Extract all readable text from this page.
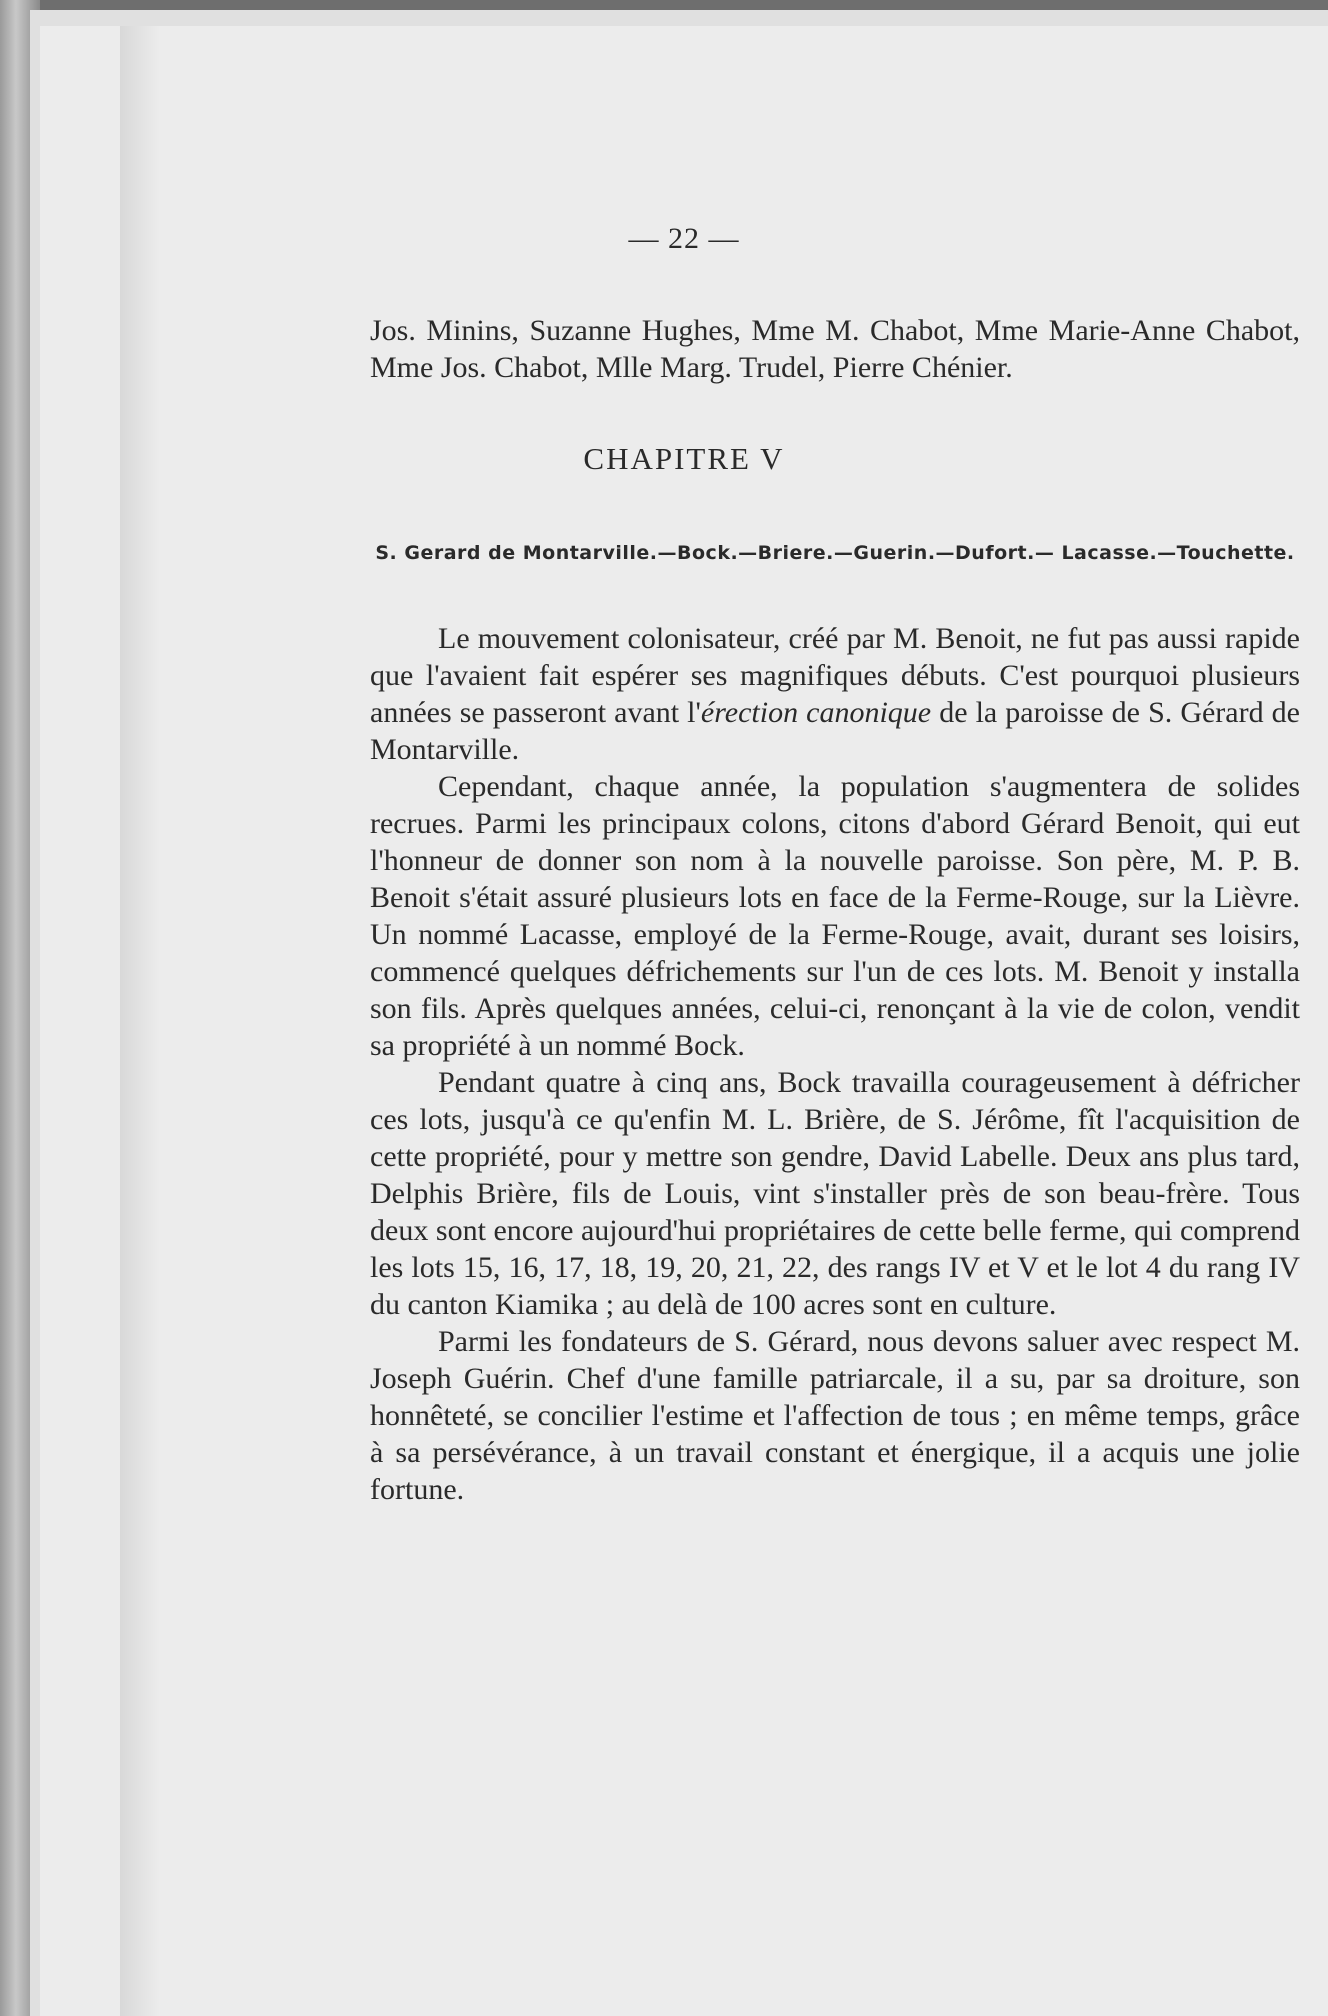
— 22 —

Jos. Minins, Suzanne Hughes, Mme M. Chabot, Mme Marie-Anne Chabot, Mme Jos. Chabot, Mlle Marg. Trudel, Pierre Chénier.

CHAPITRE V
S. Gerard de Montarville.—Bock.—Briere.—Guerin.—Dufort.— Lacasse.—Touchette.

Le mouvement colonisateur, créé par M. Benoit, ne fut pas aussi rapide que l'avaient fait espérer ses magnifiques débuts. C'est pourquoi plusieurs années se passeront avant l'érection canonique de la paroisse de S. Gérard de Montarville.

Cependant, chaque année, la population s'augmentera de solides recrues. Parmi les principaux colons, citons d'abord Gérard Benoit, qui eut l'honneur de donner son nom à la nouvelle paroisse. Son père, M. P. B. Benoit s'était assuré plusieurs lots en face de la Ferme-Rouge, sur la Lièvre. Un nommé Lacasse, employé de la Ferme-Rouge, avait, durant ses loisirs, commencé quelques défrichements sur l'un de ces lots. M. Benoit y installa son fils. Après quelques années, celui-ci, renonçant à la vie de colon, vendit sa propriété à un nommé Bock.

Pendant quatre à cinq ans, Bock travailla courageusement à défricher ces lots, jusqu'à ce qu'enfin M. L. Brière, de S. Jérôme, fît l'acquisition de cette propriété, pour y mettre son gendre, David Labelle. Deux ans plus tard, Delphis Brière, fils de Louis, vint s'installer près de son beau-frère. Tous deux sont encore aujourd'hui propriétaires de cette belle ferme, qui comprend les lots 15, 16, 17, 18, 19, 20, 21, 22, des rangs IV et V et le lot 4 du rang IV du canton Kiamika ; au delà de 100 acres sont en culture.

Parmi les fondateurs de S. Gérard, nous devons saluer avec respect M. Joseph Guérin. Chef d'une famille patriarcale, il a su, par sa droiture, son honnêteté, se concilier l'estime et l'affection de tous ; en même temps, grâce à sa persévérance, à un travail constant et énergique, il a acquis une jolie fortune.
